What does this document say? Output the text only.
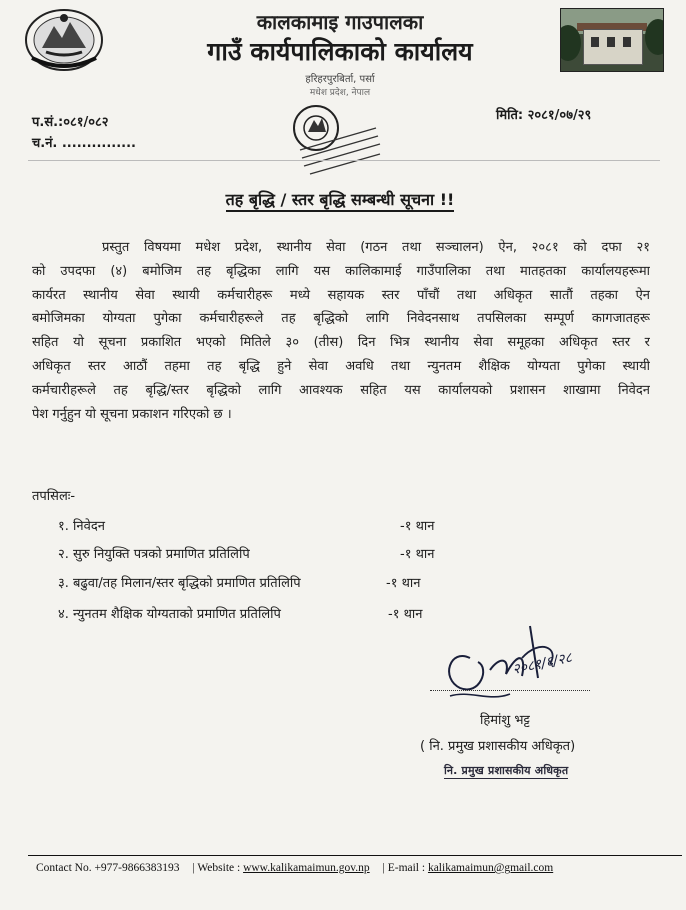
कालकामाइ गाउपालका
गाउँ कार्यपालिकाको कार्यालय
हरिहरपुरबिर्ता, पर्सा
मधेश प्रदेश, नेपाल
प.सं.:०८१/०८२
च.नं. ...............
मिति: २०८१/०७/२९
तह बृद्धि / स्तर बृद्धि सम्बन्धी सूचना !!
प्रस्तुत विषयमा मधेश प्रदेश, स्थानीय सेवा (गठन तथा सञ्चालन) ऐन, २०८१ को दफा २१
को उपदफा (४) बमोजिम तह बृद्धिका लागि यस कालिकामाई गाउँपालिका तथा मातहतका कार्यालयहरूमा
कार्यरत स्थानीय सेवा स्थायी कर्मचारीहरू मध्ये सहायक स्तर पाँचौं तथा अधिकृत सातौं तहका ऐन
बमोजिमका योग्यता पुगेका कर्मचारीहरूले तह बृद्धिको लागि निवेदनसाथ तपसिलका सम्पूर्ण कागजातहरू
सहित यो सूचना प्रकाशित भएको मितिले ३० (तीस) दिन भित्र स्थानीय सेवा समूहका अधिकृत स्तर र
अधिकृत स्तर आठौं तहमा तह बृद्धि हुने सेवा अवधि तथा न्युनतम शैक्षिक योग्यता पुगेका स्थायी
कर्मचारीहरूले तह बृद्धि/स्तर बृद्धिको लागि आवश्यक सहित यस कार्यालयको प्रशासन शाखामा निवेदन
पेश गर्नुहुन यो सूचना प्रकाशन गरिएको छ ।
तपसिलः-
१. निवेदन	-१ थान
२. सुरु नियुक्ति पत्रको प्रमाणित प्रतिलिपि	-१ थान
३. बढुवा/तह मिलान/स्तर बृद्धिको प्रमाणित प्रतिलिपि	-१ थान
४. न्युनतम शैक्षिक योग्यताको प्रमाणित प्रतिलिपि	-१ थान
२०८१/६/२८
हिमांशु भट्ट
( नि. प्रमुख प्रशासकीय अधिकृत)
नि. प्रमुख प्रशासकीय अधिकृत
Contact No. +977-9866383193 | Website : www.kalikamaimun.gov.np | E-mail : kalikamaimun@gmail.com
